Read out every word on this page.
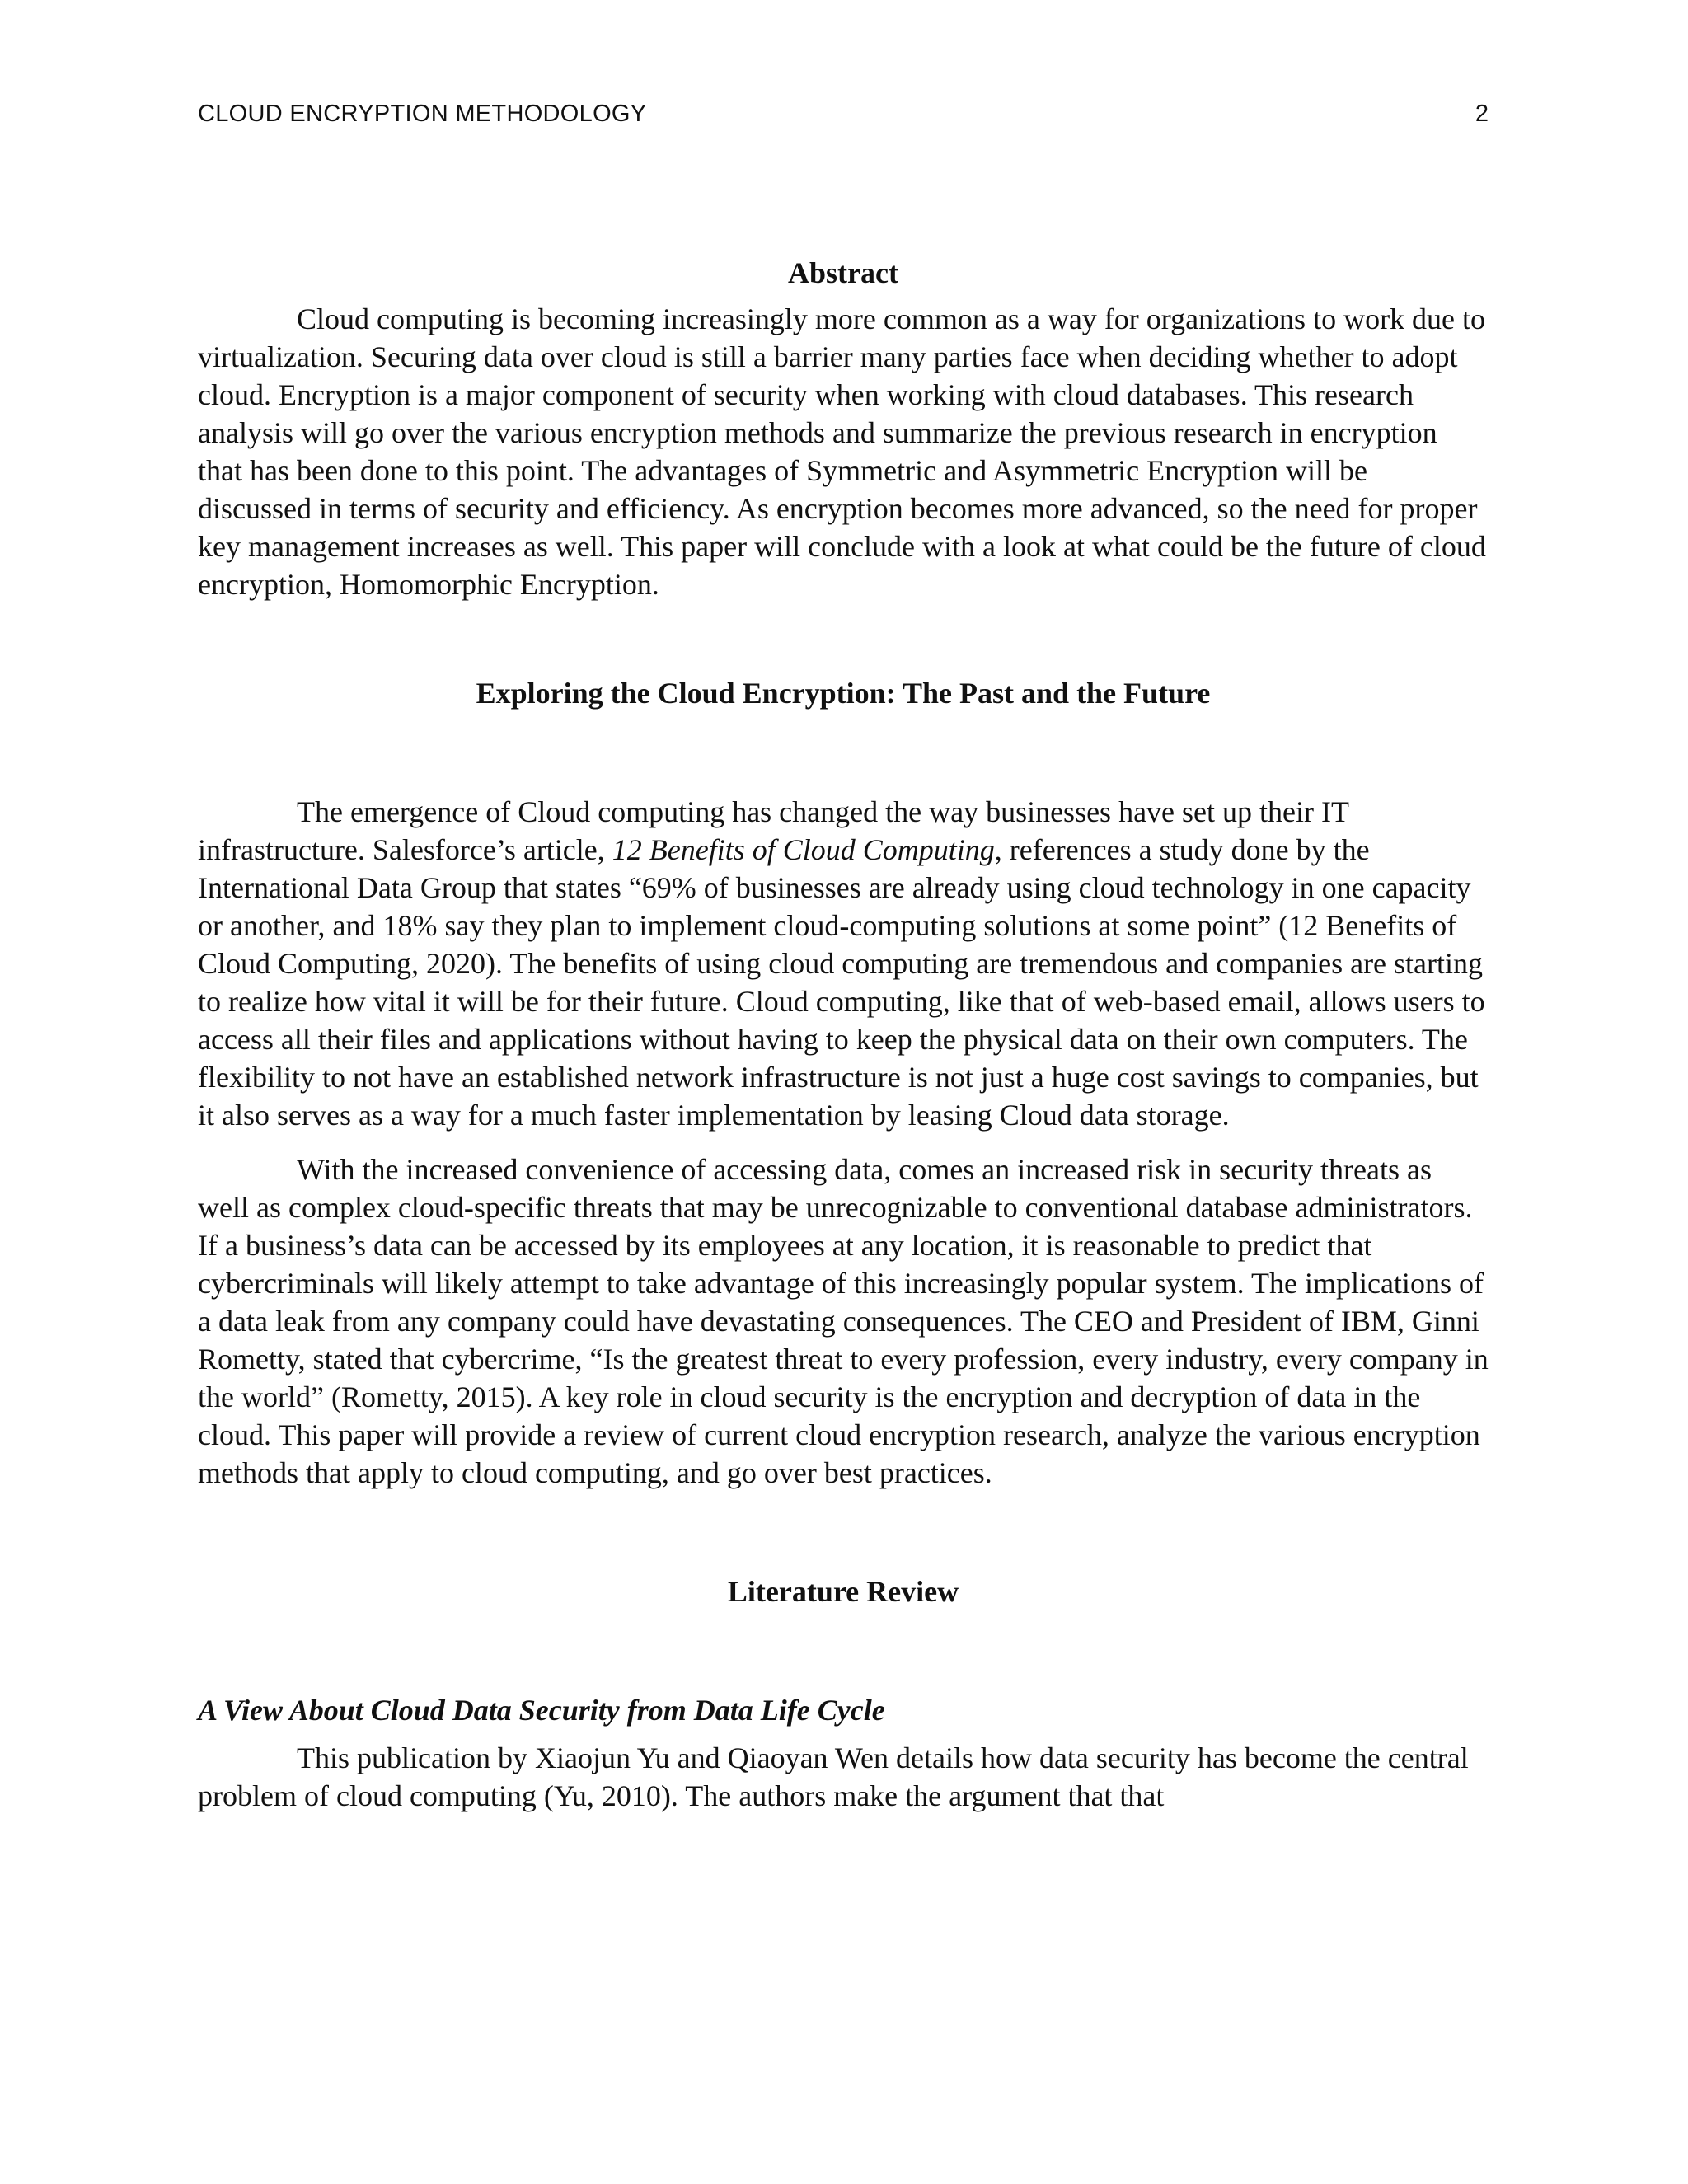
CLOUD ENCRYPTION METHODOLOGY	2
Abstract

Cloud computing is becoming increasingly more common as a way for organizations to work due to virtualization. Securing data over cloud is still a barrier many parties face when deciding whether to adopt cloud. Encryption is a major component of security when working with cloud databases. This research analysis will go over the various encryption methods and summarize the previous research in encryption that has been done to this point. The advantages of Symmetric and Asymmetric Encryption will be discussed in terms of security and efficiency. As encryption becomes more advanced, so the need for proper key management increases as well. This paper will conclude with a look at what could be the future of cloud encryption, Homomorphic Encryption.

Exploring the Cloud Encryption: The Past and the Future

The emergence of Cloud computing has changed the way businesses have set up their IT infrastructure. Salesforce’s article, 12 Benefits of Cloud Computing, references a study done by the International Data Group that states “69% of businesses are already using cloud technology in one capacity or another, and 18% say they plan to implement cloud-computing solutions at some point” (12 Benefits of Cloud Computing, 2020). The benefits of using cloud computing are tremendous and companies are starting to realize how vital it will be for their future. Cloud computing, like that of web-based email, allows users to access all their files and applications without having to keep the physical data on their own computers. The flexibility to not have an established network infrastructure is not just a huge cost savings to companies, but it also serves as a way for a much faster implementation by leasing Cloud data storage.

With the increased convenience of accessing data, comes an increased risk in security threats as well as complex cloud-specific threats that may be unrecognizable to conventional database administrators. If a business’s data can be accessed by its employees at any location, it is reasonable to predict that cybercriminals will likely attempt to take advantage of this increasingly popular system. The implications of a data leak from any company could have devastating consequences. The CEO and President of IBM, Ginni Rometty, stated that cybercrime, “Is the greatest threat to every profession, every industry, every company in the world” (Rometty, 2015). A key role in cloud security is the encryption and decryption of data in the cloud. This paper will provide a review of current cloud encryption research, analyze the various encryption methods that apply to cloud computing, and go over best practices.

Literature Review
A View About Cloud Data Security from Data Life Cycle

This publication by Xiaojun Yu and Qiaoyan Wen details how data security has become the central problem of cloud computing (Yu, 2010). The authors make the argument that that
